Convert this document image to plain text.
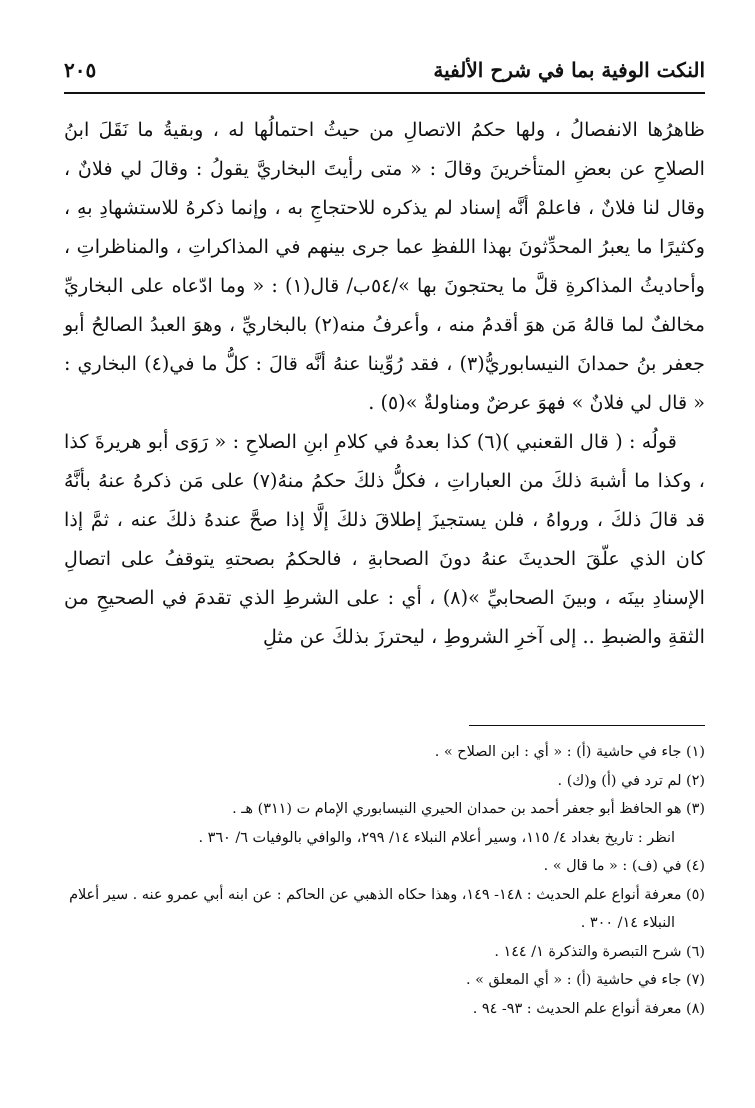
النكت الوفية بما في شرح الألفية
٢٠٥

ظاهرُها الانفصالُ ، ولها حكمُ الاتصالِ من حيثُ احتمالُها له ، وبقيةُ ما نَقَلَ ابنُ الصلاحِ عن بعضِ المتأخرينَ وقالَ : « متى رأيتَ البخاريَّ يقولُ : وقالَ لي فلانٌ ، وقال لنا فلانٌ ، فاعلمْ أنَّه إسناد لم يذكره للاحتجاجِ به ، وإنما ذكرهُ للاستشهادِ بهِ ، وكثيرًا ما يعبرُ المحدِّثونَ بهذا اللفظِ عما جرى بينهم في المذاكراتِ ، والمناظراتِ ، وأحاديثُ المذاكرةِ قلَّ ما يحتجونَ بها »/٥٤ب/ قال(١) : « وما ادّعاه على البخاريِّ مخالفٌ لما قالهُ مَن هوَ أقدمُ منه ، وأعرفُ منه(٢) بالبخاريِّ ، وهوَ العبدُ الصالحُ أبو جعفر بنُ حمدانَ النيسابوريُّ(٣) ، فقد رُوِّينا عنهُ أنَّه قالَ : كلُّ ما في(٤) البخاري : « قال لي فلانٌ » فهوَ عرضٌ ومناولةٌ »(٥) .

قولُه : ( قال القعنبي )(٦) كذا بعدهُ في كلامِ ابنِ الصلاحِ : « رَوَى أبو هريرةَ كذا ، وكذا ما أشبهَ ذلكَ من العباراتِ ، فكلُّ ذلكَ حكمُ منهُ(٧) على مَن ذكرهُ عنهُ بأنَّهُ قد قالَ ذلكَ ، ورواهُ ، فلن يستجيزَ إطلاقَ ذلكَ إلَّا إذا صحَّ عندهُ ذلكَ عنه ، ثمَّ إذا كان الذي علّقَ الحديثَ عنهُ دونَ الصحابةِ ، فالحكمُ بصحتهِ يتوقفُ على اتصالِ الإسنادِ بينَه ، وبينَ الصحابيِّ »(٨) ، أي : على الشرطِ الذي تقدمَ في الصحيحِ من الثقةِ والضبطِ .. إلى آخرِ الشروطِ ، ليحترزَ بذلكَ عن مثلِ

(١) جاء في حاشية (أ) : « أي : ابن الصلاح » .

(٢) لم ترد في (أ) و(ك) .

(٣) هو الحافظ أبو جعفر أحمد بن حمدان الحيري النيسابوري الإمام ت (٣١١) هـ .

انظر : تاريخ بغداد ٤/ ١١٥، وسير أعلام النبلاء ١٤/ ٢٩٩، والوافي بالوفيات ٦/ ٣٦٠ .

(٤) في (ف) : « ما قال » .

(٥) معرفة أنواع علم الحديث : ١٤٨- ١٤٩، وهذا حكاه الذهبي عن الحاكم : عن ابنه أبي عمرو عنه . سير أعلام النبلاء ١٤/ ٣٠٠ .

(٦) شرح التبصرة والتذكرة ١/ ١٤٤ .

(٧) جاء في حاشية (أ) : « أي المعلق » .

(٨) معرفة أنواع علم الحديث : ٩٣- ٩٤ .
